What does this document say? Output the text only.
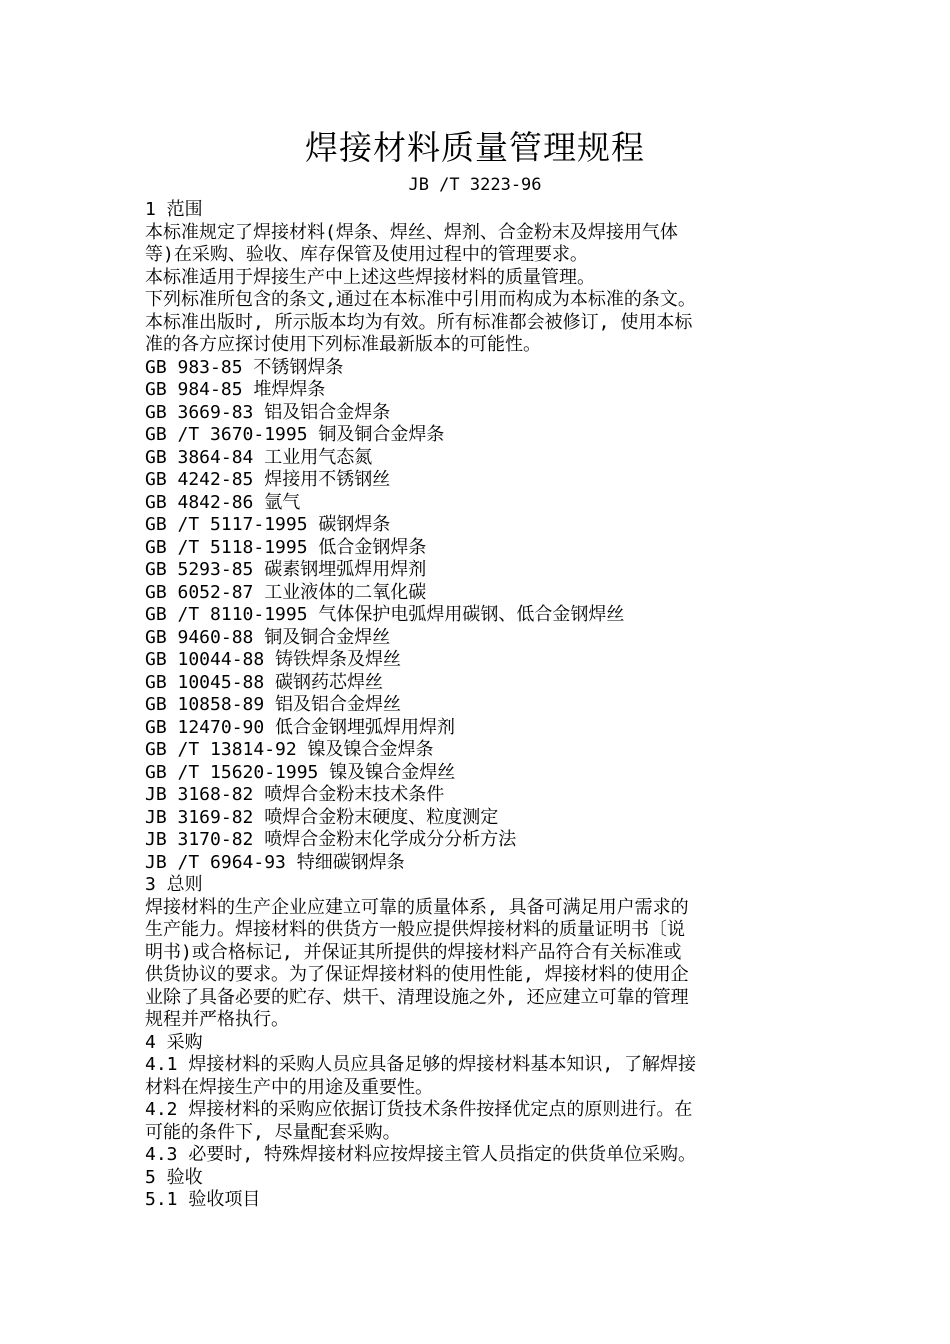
焊接材料质量管理规程
JB /T 3223-96
1 范围
本标准规定了焊接材料(焊条、焊丝、焊剂、合金粉末及焊接用气体
等)在采购、验收、库存保管及使用过程中的管理要求。
本标准适用于焊接生产中上述这些焊接材料的质量管理。
下列标准所包含的条文,通过在本标准中引用而构成为本标准的条文。
本标准出版时, 所示版本均为有效。所有标准都会被修订, 使用本标
准的各方应探讨使用下列标准最新版本的可能性。
GB 983-85 不锈钢焊条
GB 984-85 堆焊焊条
GB 3669-83 铝及铝合金焊条
GB /T 3670-1995 铜及铜合金焊条
GB 3864-84 工业用气态氮
GB 4242-85 焊接用不锈钢丝
GB 4842-86 氩气
GB /T 5117-1995 碳钢焊条
GB /T 5118-1995 低合金钢焊条
GB 5293-85 碳素钢埋弧焊用焊剂
GB 6052-87 工业液体的二氧化碳
GB /T 8110-1995 气体保护电弧焊用碳钢、低合金钢焊丝
GB 9460-88 铜及铜合金焊丝
GB 10044-88 铸铁焊条及焊丝
GB 10045-88 碳钢药芯焊丝
GB 10858-89 铝及铝合金焊丝
GB 12470-90 低合金钢埋弧焊用焊剂
GB /T 13814-92 镍及镍合金焊条
GB /T 15620-1995 镍及镍合金焊丝
JB 3168-82 喷焊合金粉末技术条件
JB 3169-82 喷焊合金粉末硬度、粒度测定
JB 3170-82 喷焊合金粉末化学成分分析方法
JB /T 6964-93 特细碳钢焊条
3 总则
焊接材料的生产企业应建立可靠的质量体系, 具备可满足用户需求的
生产能力。焊接材料的供货方一般应提供焊接材料的质量证明书〔说
明书)或合格标记, 并保证其所提供的焊接材料产品符合有关标准或
供货协议的要求。为了保证焊接材料的使用性能, 焊接材料的使用企
业除了具备必要的贮存、烘干、清理设施之外, 还应建立可靠的管理
规程并严格执行。
4 采购
4.1 焊接材料的采购人员应具备足够的焊接材料基本知识, 了解焊接
材料在焊接生产中的用途及重要性。
4.2 焊接材料的采购应依据订货技术条件按择优定点的原则进行。在
可能的条件下, 尽量配套采购。
4.3 必要时, 特殊焊接材料应按焊接主管人员指定的供货单位采购。
5 验收
5.1 验收项目
